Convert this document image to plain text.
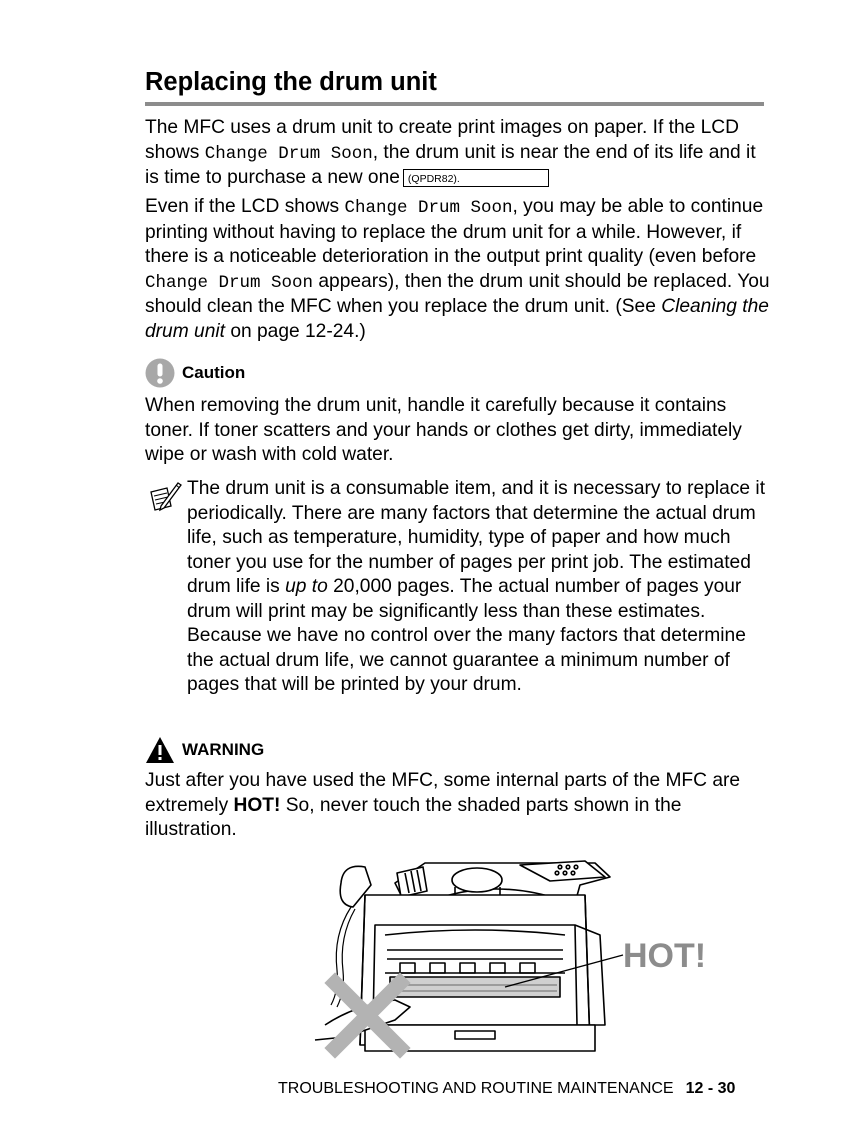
Replacing the drum unit

The MFC uses a drum unit to create print images on paper. If the LCD shows Change Drum Soon, the drum unit is near the end of its life and it is time to purchase a new one (QPDR82).

Even if the LCD shows Change Drum Soon, you may be able to continue printing without having to replace the drum unit for a while. However, if there is a noticeable deterioration in the output print quality (even before Change Drum Soon appears), then the drum unit should be replaced. You should clean the MFC when you replace the drum unit. (See Cleaning the drum unit on page 12-24.)

Caution

When removing the drum unit, handle it carefully because it contains toner. If toner scatters and your hands or clothes get dirty, immediately wipe or wash with cold water.

The drum unit is a consumable item, and it is necessary to replace it periodically. There are many factors that determine the actual drum life, such as temperature, humidity, type of paper and how much toner you use for the number of pages per print job. The estimated drum life is up to 20,000 pages. The actual number of pages your drum will print may be significantly less than these estimates. Because we have no control over the many factors that determine the actual drum life, we cannot guarantee a minimum number of pages that will be printed by your drum.

WARNING

Just after you have used the MFC, some internal parts of the MFC are extremely HOT! So, never touch the shaded parts shown in the illustration.

HOT!
TROUBLESHOOTING AND ROUTINE MAINTENANCE 12 - 30
